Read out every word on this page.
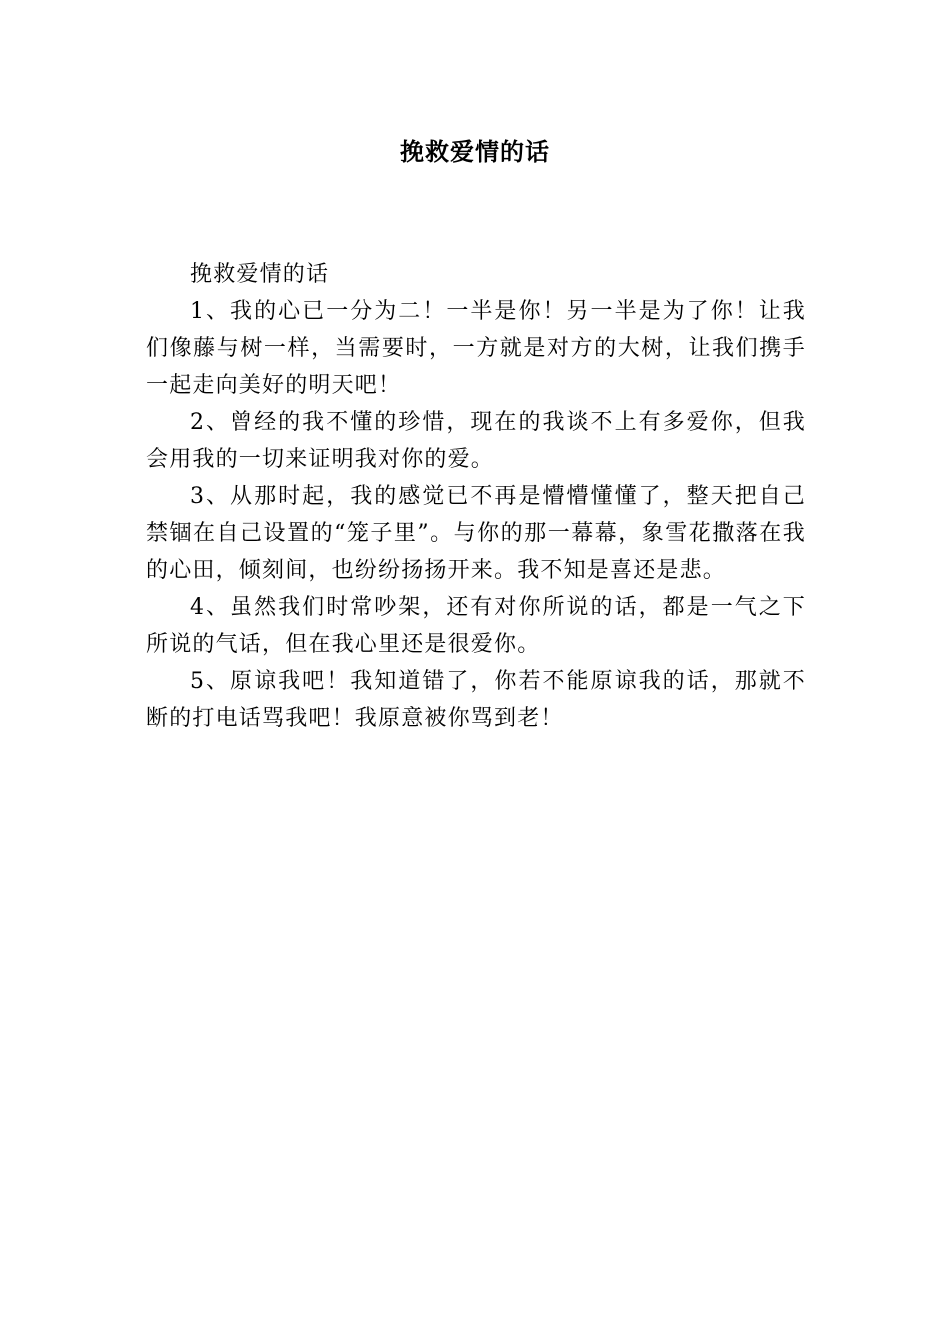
挽救爱情的话

挽救爱情的话

1、我的心已一分为二！一半是你！另一半是为了你！让我们像藤与树一样，当需要时，一方就是对方的大树，让我们携手一起走向美好的明天吧！

2、曾经的我不懂的珍惜，现在的我谈不上有多爱你，但我会用我的一切来证明我对你的爱。

3、从那时起，我的感觉已不再是懵懵懂懂了，整天把自己禁锢在自己设置的“笼子里”。与你的那一幕幕，象雪花撒落在我的心田，倾刻间，也纷纷扬扬开来。我不知是喜还是悲。

4、虽然我们时常吵架，还有对你所说的话，都是一气之下所说的气话，但在我心里还是很爱你。

5、原谅我吧！我知道错了，你若不能原谅我的话，那就不断的打电话骂我吧！我原意被你骂到老！
